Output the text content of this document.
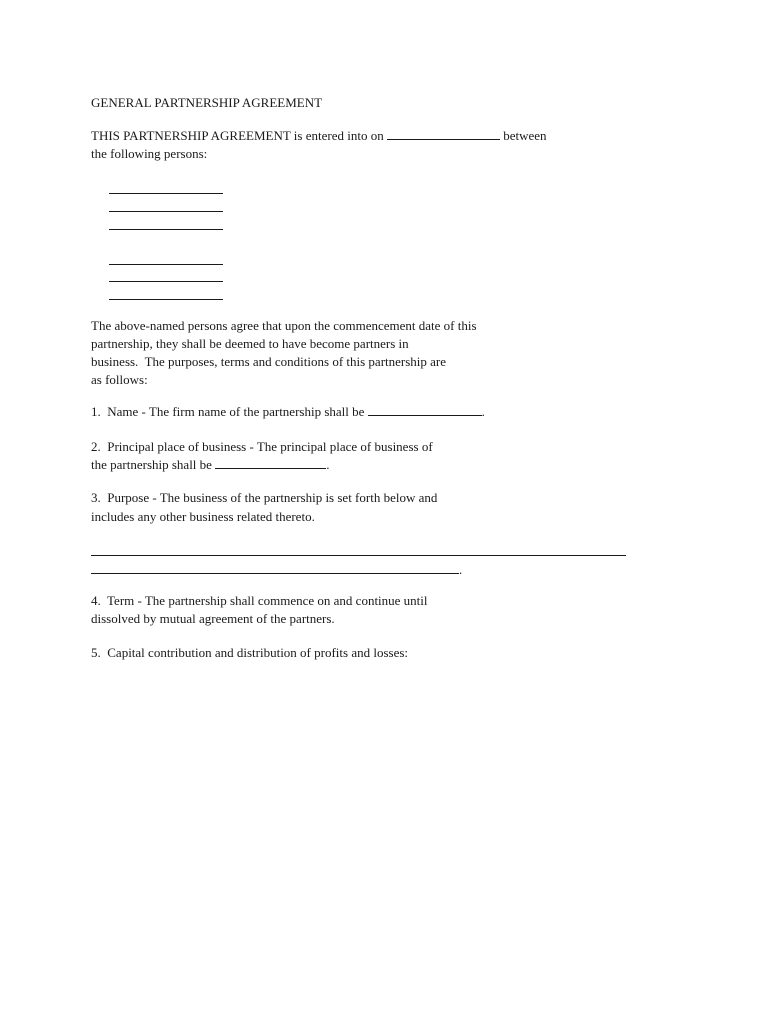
GENERAL PARTNERSHIP AGREEMENT
THIS PARTNERSHIP AGREEMENT is entered into on	between
the following persons:
The above-named persons agree that upon the commencement date of this
partnership, they shall be deemed to have become partners in
business.  The purposes, terms and conditions of this partnership are
as follows:
1.  Name - The firm name of the partnership shall be	.
2.  Principal place of business - The principal place of business of
the partnership shall be	.
3.  Purpose - The business of the partnership is set forth below and
includes any other business related thereto.
.
4.  Term - The partnership shall commence on and continue until
dissolved by mutual agreement of the partners.
5.  Capital contribution and distribution of profits and losses:
